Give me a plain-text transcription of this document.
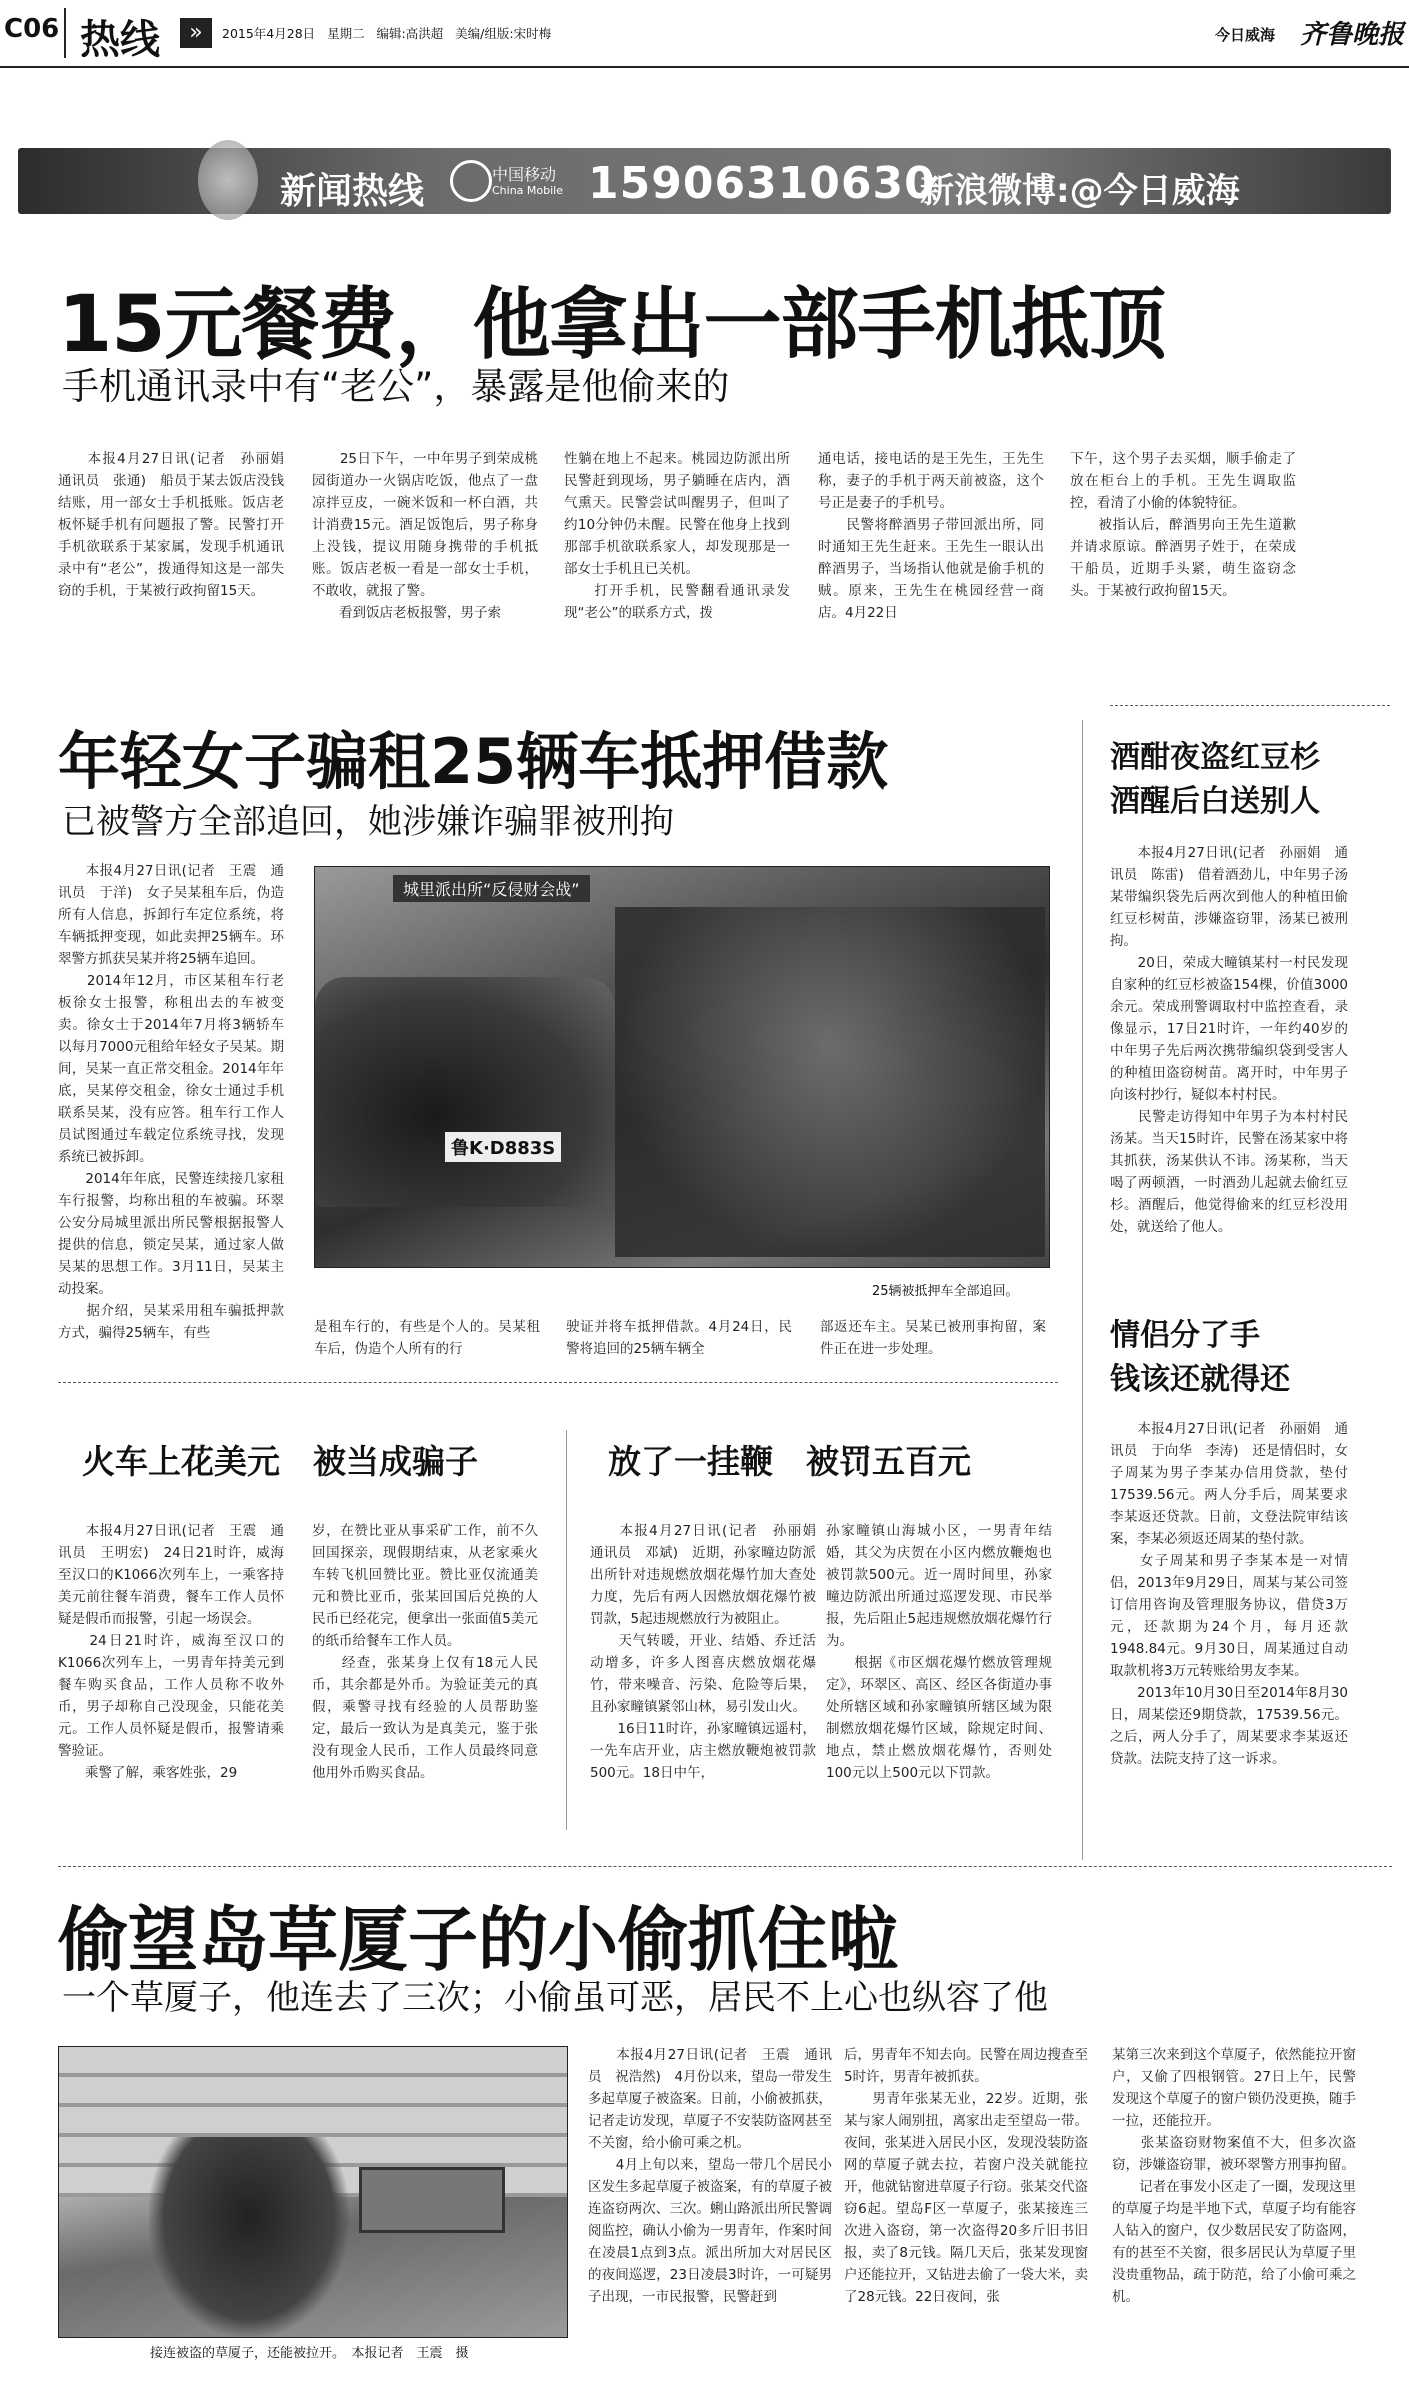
C06 热线	»	2015年4月28日   星期二   编辑:高洪超   美编/组版:宋时梅	今日威海 齐鲁晚报
新闻热线	中国移动
China Mobile 15906310630
新浪微博:@今日威海
15元餐费，他拿出一部手机抵顶
手机通讯录中有“老公”，暴露是他偷来的
　　本报4月27日讯(记者　孙丽娟　通讯员　张通)　船员于某去饭店没钱结账，用一部女士手机抵账。饭店老板怀疑手机有问题报了警。民警打开手机欲联系于某家属，发现手机通讯录中有“老公”，拨通得知这是一部失窃的手机，于某被行政拘留15天。
　　25日下午，一中年男子到荣成桃园街道办一火锅店吃饭，他点了一盘凉拌豆皮，一碗米饭和一杯白酒，共计消费15元。酒足饭饱后，男子称身上没钱，提议用随身携带的手机抵账。饭店老板一看是一部女士手机，不敢收，就报了警。
　　看到饭店老板报警，男子索
性躺在地上不起来。桃园边防派出所民警赶到现场，男子躺睡在店内，酒气熏天。民警尝试叫醒男子，但叫了约10分钟仍未醒。民警在他身上找到那部手机欲联系家人，却发现那是一部女士手机且已关机。
　　打开手机，民警翻看通讯录发现“老公”的联系方式，拨
通电话，接电话的是王先生，王先生称，妻子的手机于两天前被盗，这个号正是妻子的手机号。
　　民警将醉酒男子带回派出所，同时通知王先生赶来。王先生一眼认出醉酒男子，当场指认他就是偷手机的贼。原来，王先生在桃园经营一商店。4月22日
下午，这个男子去买烟，顺手偷走了放在柜台上的手机。王先生调取监控，看清了小偷的体貌特征。
　　被指认后，醉酒男向王先生道歉并请求原谅。醉酒男子姓于，在荣成干船员，近期手头紧，萌生盗窃念头。于某被行政拘留15天。
年轻女子骗租25辆车抵押借款
已被警方全部追回，她涉嫌诈骗罪被刑拘
　　本报4月27日讯(记者　王震　通讯员　于洋)　女子吴某租车后，伪造所有人信息，拆卸行车定位系统，将车辆抵押变现，如此卖押25辆车。环翠警方抓获吴某并将25辆车追回。
　　2014年12月，市区某租车行老板徐女士报警，称租出去的车被变卖。徐女士于2014年7月将3辆轿车以每月7000元租给年轻女子吴某。期间，吴某一直正常交租金。2014年年底，吴某停交租金，徐女士通过手机联系吴某，没有应答。租车行工作人员试图通过车载定位系统寻找，发现系统已被拆卸。
　　2014年年底，民警连续接几家租车行报警，均称出租的车被骗。环翠公安分局城里派出所民警根据报警人提供的信息，锁定吴某，通过家人做吴某的思想工作。3月11日，吴某主动投案。
　　据介绍，吴某采用租车骗抵押款方式，骗得25辆车，有些
城里派出所“反侵财会战”
鲁K·D883S
25辆被抵押车全部追回。
是租车行的，有些是个人的。吴某租车后，伪造个人所有的行
驶证并将车抵押借款。4月24日，民警将追回的25辆车辆全
部返还车主。吴某已被刑事拘留，案件正在进一步处理。
酒酣夜盗红豆杉
酒醒后白送别人
　　本报4月27日讯(记者　孙丽娟　通讯员　陈雷)　借着酒劲儿，中年男子汤某带编织袋先后两次到他人的种植田偷红豆杉树苗，涉嫌盗窃罪，汤某已被刑拘。
　　20日，荣成大疃镇某村一村民发现自家种的红豆杉被盗154棵，价值3000余元。荣成刑警调取村中监控查看，录像显示，17日21时许，一年约40岁的中年男子先后两次携带编织袋到受害人的种植田盗窃树苗。离开时，中年男子向该村抄行，疑似本村村民。
　　民警走访得知中年男子为本村村民汤某。当天15时许，民警在汤某家中将其抓获，汤某供认不讳。汤某称，当天喝了两顿酒，一时酒劲儿起就去偷红豆杉。酒醒后，他觉得偷来的红豆杉没用处，就送给了他人。
情侣分了手
钱该还就得还
　　本报4月27日讯(记者　孙丽娟　通讯员　于向华　李涛)　还是情侣时，女子周某为男子李某办信用贷款，垫付17539.56元。两人分手后，周某要求李某返还贷款。日前，文登法院审结该案，李某必须返还周某的垫付款。
　　女子周某和男子李某本是一对情侣，2013年9月29日，周某与某公司签订信用咨询及管理服务协议，借贷3万元，还款期为24个月，每月还款1948.84元。9月30日，周某通过自动取款机将3万元转账给男友李某。
　　2013年10月30日至2014年8月30日，周某偿还9期贷款，17539.56元。之后，两人分手了，周某要求李某返还贷款。法院支持了这一诉求。
火车上花美元　被当成骗子
　　本报4月27日讯(记者　王震　通讯员　王明宏)　24日21时许，威海至汉口的K1066次列车上，一乘客持美元前往餐车消费，餐车工作人员怀疑是假币而报警，引起一场误会。
　　24日21时许，威海至汉口的K1066次列车上，一男青年持美元到餐车购买食品，工作人员称不收外币，男子却称自己没现金，只能花美元。工作人员怀疑是假币，报警请乘警验证。
　　乘警了解，乘客姓张，29
岁，在赞比亚从事采矿工作，前不久回国探亲，现假期结束，从老家乘火车转飞机回赞比亚。赞比亚仅流通美元和赞比亚币，张某回国后兑换的人民币已经花完，便拿出一张面值5美元的纸币给餐车工作人员。
　　经查，张某身上仅有18元人民币，其余都是外币。为验证美元的真假，乘警寻找有经验的人员帮助鉴定，最后一致认为是真美元，鉴于张没有现金人民币，工作人员最终同意他用外币购买食品。
放了一挂鞭　被罚五百元
　　本报4月27日讯(记者　孙丽娟　通讯员　邓斌)　近期，孙家疃边防派出所针对违规燃放烟花爆竹加大查处力度，先后有两人因燃放烟花爆竹被罚款，5起违规燃放行为被阻止。
　　天气转暖，开业、结婚、乔迁活动增多，许多人图喜庆燃放烟花爆竹，带来噪音、污染、危险等后果，且孙家疃镇紧邻山林，易引发山火。
　　16日11时许，孙家疃镇远遥村，一先车店开业，店主燃放鞭炮被罚款500元。18日中午，
孙家疃镇山海城小区，一男青年结婚，其父为庆贺在小区内燃放鞭炮也被罚款500元。近一周时间里，孙家疃边防派出所通过巡逻发现、市民举报，先后阻止5起违规燃放烟花爆竹行为。
　　根据《市区烟花爆竹燃放管理规定》，环翠区、高区、经区各街道办事处所辖区域和孙家疃镇所辖区域为限制燃放烟花爆竹区域，除规定时间、地点，禁止燃放烟花爆竹，否则处100元以上500元以下罚款。
偷望岛草厦子的小偷抓住啦
一个草厦子，他连去了三次；小偷虽可恶，居民不上心也纵容了他
接连被盗的草厦子，还能被拉开。　本报记者　王震　摄
　　本报4月27日讯(记者　王震　通讯员　祝浩然)　4月份以来，望岛一带发生多起草厦子被盗案。日前，小偷被抓获，记者走访发现，草厦子不安装防盗网甚至不关窗，给小偷可乘之机。
　　4月上旬以来，望岛一带几个居民小区发生多起草厦子被盗案，有的草厦子被连盗窃两次、三次。蜊山路派出所民警调阅监控，确认小偷为一男青年，作案时间在凌晨1点到3点。派出所加大对居民区的夜间巡逻，23日凌晨3时许，一可疑男子出现，一市民报警，民警赶到
后，男青年不知去向。民警在周边搜查至5时许，男青年被抓获。
　　男青年张某无业，22岁。近期，张某与家人闹别扭，离家出走至望岛一带。夜间，张某进入居民小区，发现没装防盗网的草厦子就去拉，若窗户没关就能拉开，他就钻窗进草厦子行窃。张某交代盗窃6起。望岛F区一草厦子，张某接连三次进入盗窃，第一次盗得20多斤旧书旧报，卖了8元钱。隔几天后，张某发现窗户还能拉开，又钻进去偷了一袋大米，卖了28元钱。22日夜间，张
某第三次来到这个草厦子，依然能拉开窗户，又偷了四根钢管。27日上午，民警发现这个草厦子的窗户锁仍没更换，随手一拉，还能拉开。
　　张某盗窃财物案值不大，但多次盗窃，涉嫌盗窃罪，被环翠警方刑事拘留。
　　记者在事发小区走了一圈，发现这里的草厦子均是半地下式，草厦子均有能容人钻入的窗户，仅少数居民安了防盗网，有的甚至不关窗，很多居民认为草厦子里没贵重物品，疏于防范，给了小偷可乘之机。
